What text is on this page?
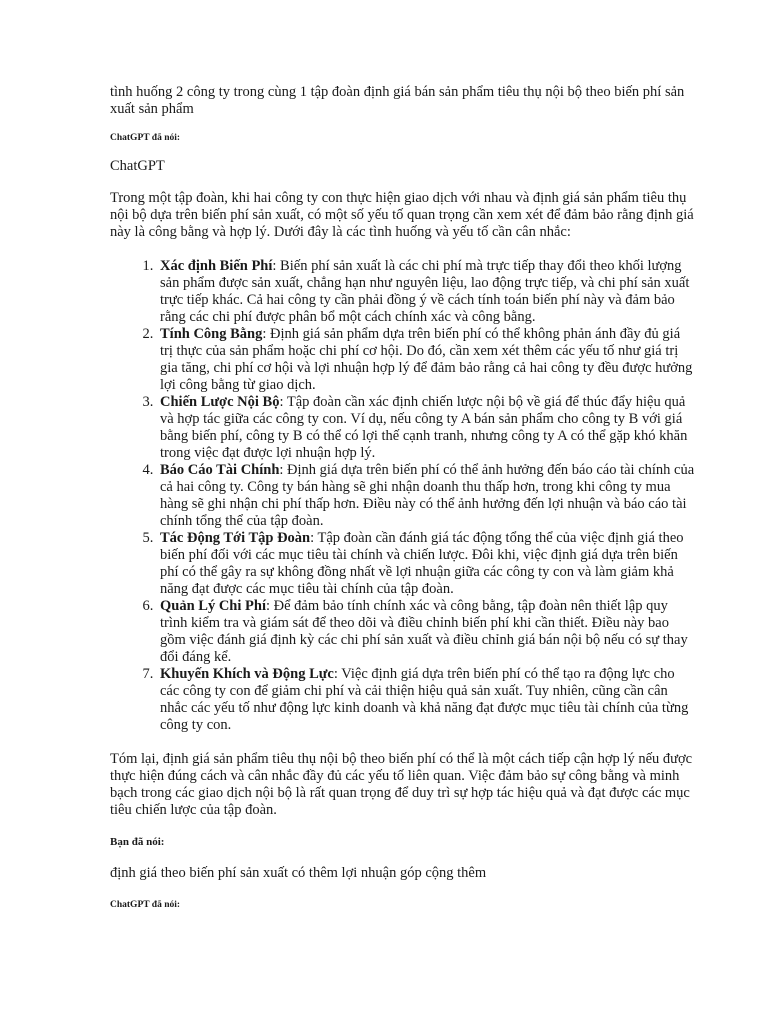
tình huống 2 công ty trong cùng 1 tập đoàn định giá bán sản phẩm tiêu thụ nội bộ theo biến phí sản xuất sản phẩm

ChatGPT đã nói:

ChatGPT

Trong một tập đoàn, khi hai công ty con thực hiện giao dịch với nhau và định giá sản phẩm tiêu thụ nội bộ dựa trên biến phí sản xuất, có một số yếu tố quan trọng cần xem xét để đảm bảo rằng định giá này là công bằng và hợp lý. Dưới đây là các tình huống và yếu tố cần cân nhắc:

1. Xác định Biến Phí: Biến phí sản xuất là các chi phí mà trực tiếp thay đổi theo khối lượng sản phẩm được sản xuất, chẳng hạn như nguyên liệu, lao động trực tiếp, và chi phí sản xuất trực tiếp khác. Cả hai công ty cần phải đồng ý về cách tính toán biến phí này và đảm bảo rằng các chi phí được phân bổ một cách chính xác và công bằng.
2. Tính Công Bằng: Định giá sản phẩm dựa trên biến phí có thể không phản ánh đầy đủ giá trị thực của sản phẩm hoặc chi phí cơ hội. Do đó, cần xem xét thêm các yếu tố như giá trị gia tăng, chi phí cơ hội và lợi nhuận hợp lý để đảm bảo rằng cả hai công ty đều được hưởng lợi công bằng từ giao dịch.
3. Chiến Lược Nội Bộ: Tập đoàn cần xác định chiến lược nội bộ về giá để thúc đẩy hiệu quả và hợp tác giữa các công ty con. Ví dụ, nếu công ty A bán sản phẩm cho công ty B với giá bằng biến phí, công ty B có thể có lợi thế cạnh tranh, nhưng công ty A có thể gặp khó khăn trong việc đạt được lợi nhuận hợp lý.
4. Báo Cáo Tài Chính: Định giá dựa trên biến phí có thể ảnh hưởng đến báo cáo tài chính của cả hai công ty. Công ty bán hàng sẽ ghi nhận doanh thu thấp hơn, trong khi công ty mua hàng sẽ ghi nhận chi phí thấp hơn. Điều này có thể ảnh hưởng đến lợi nhuận và báo cáo tài chính tổng thể của tập đoàn.
5. Tác Động Tới Tập Đoàn: Tập đoàn cần đánh giá tác động tổng thể của việc định giá theo biến phí đối với các mục tiêu tài chính và chiến lược. Đôi khi, việc định giá dựa trên biến phí có thể gây ra sự không đồng nhất về lợi nhuận giữa các công ty con và làm giảm khả năng đạt được các mục tiêu tài chính của tập đoàn.
6. Quản Lý Chi Phí: Để đảm bảo tính chính xác và công bằng, tập đoàn nên thiết lập quy trình kiểm tra và giám sát để theo dõi và điều chỉnh biến phí khi cần thiết. Điều này bao gồm việc đánh giá định kỳ các chi phí sản xuất và điều chỉnh giá bán nội bộ nếu có sự thay đổi đáng kể.
7. Khuyến Khích và Động Lực: Việc định giá dựa trên biến phí có thể tạo ra động lực cho các công ty con để giảm chi phí và cải thiện hiệu quả sản xuất. Tuy nhiên, cũng cần cân nhắc các yếu tố như động lực kinh doanh và khả năng đạt được mục tiêu tài chính của từng công ty con.

Tóm lại, định giá sản phẩm tiêu thụ nội bộ theo biến phí có thể là một cách tiếp cận hợp lý nếu được thực hiện đúng cách và cân nhắc đầy đủ các yếu tố liên quan. Việc đảm bảo sự công bằng và minh bạch trong các giao dịch nội bộ là rất quan trọng để duy trì sự hợp tác hiệu quả và đạt được các mục tiêu chiến lược của tập đoàn.

Bạn đã nói:

định giá theo biến phí sản xuất có thêm lợi nhuận góp cộng thêm

ChatGPT đã nói:
